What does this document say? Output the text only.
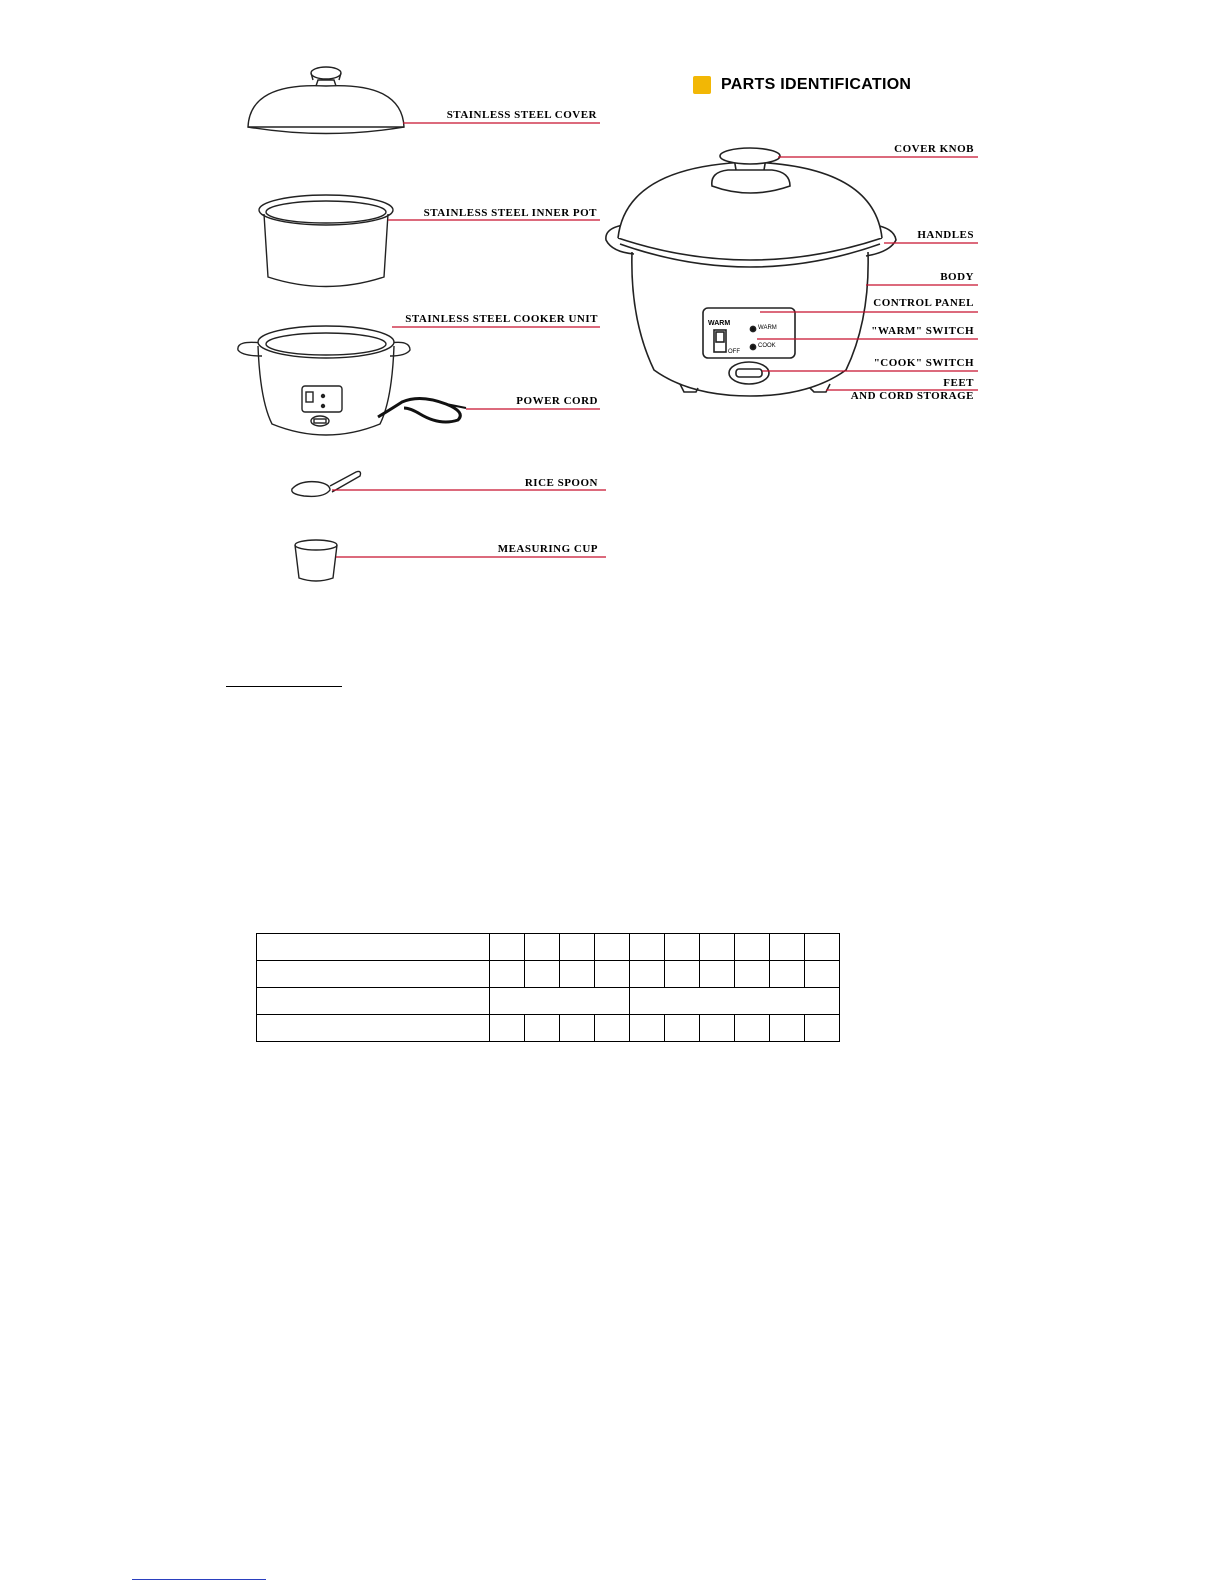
PARTS IDENTIFICATION
STAINLESS STEEL COVER
STAINLESS STEEL INNER POT
STAINLESS STEEL COOKER UNIT
POWER CORD
RICE SPOON
MEASURING CUP
COVER KNOB
HANDLES
BODY
CONTROL PANEL
"WARM" SWITCH
"COOK" SWITCH
FEET
AND CORD STORAGE
WARM
OFF
WARM
COOK
